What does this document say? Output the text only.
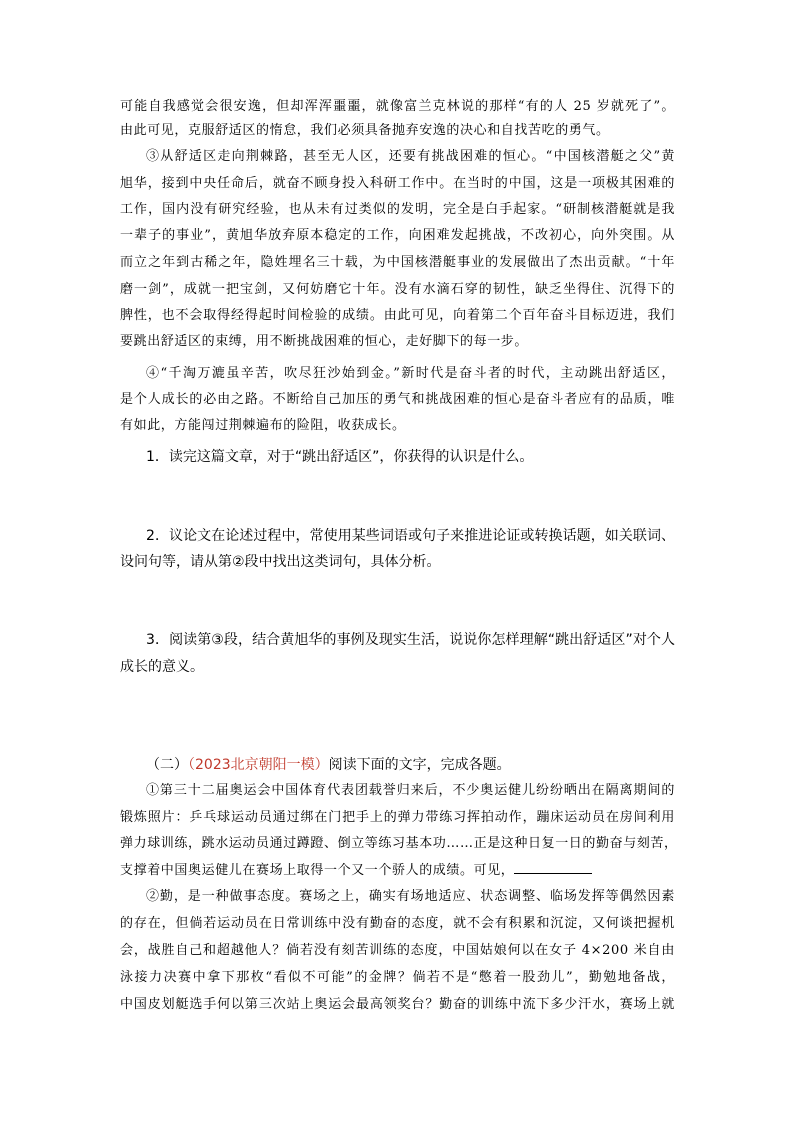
可能自我感觉会很安逸，但却浑浑噩噩，就像富兰克林说的那样“有的人 25 岁就死了”。
由此可见，克服舒适区的惰怠，我们必须具备抛弃安逸的决心和自找苦吃的勇气。
③从舒适区走向荆棘路，甚至无人区，还要有挑战困难的恒心。“中国核潜艇之父”黄
旭华，接到中央任命后，就奋不顾身投入科研工作中。在当时的中国，这是一项极其困难的
工作，国内没有研究经验，也从未有过类似的发明，完全是白手起家。“研制核潜艇就是我
一辈子的事业”，黄旭华放弃原本稳定的工作，向困难发起挑战，不改初心，向外突围。从
而立之年到古稀之年，隐姓埋名三十载，为中国核潜艇事业的发展做出了杰出贡献。“十年
磨一剑”，成就一把宝剑，又何妨磨它十年。没有水滴石穿的韧性，缺乏坐得住、沉得下的
脾性，也不会取得经得起时间检验的成绩。由此可见，向着第二个百年奋斗目标迈进，我们
要跳出舒适区的束缚，用不断挑战困难的恒心，走好脚下的每一步。
④“千淘万漉虽辛苦，吹尽狂沙始到金。”新时代是奋斗者的时代，主动跳出舒适区，
是个人成长的必由之路。不断给自己加压的勇气和挑战困难的恒心是奋斗者应有的品质，唯
有如此，方能闯过荆棘遍布的险阻，收获成长。
1．读完这篇文章，对于“跳出舒适区”，你获得的认识是什么。
2．议论文在论述过程中，常使用某些词语或句子来推进论证或转换话题，如关联词、
设问句等，请从第②段中找出这类词句，具体分析。
3．阅读第③段，结合黄旭华的事例及现实生活，说说你怎样理解“跳出舒适区”对个人
成长的意义。
（二）（2023北京朝阳一模）阅读下面的文字，完成各题。
①第三十二届奥运会中国体育代表团载誉归来后，不少奥运健儿纷纷晒出在隔离期间的
锻炼照片：乒乓球运动员通过绑在门把手上的弹力带练习挥拍动作，蹦床运动员在房间利用
弹力球训练，跳水运动员通过蹲蹬、倒立等练习基本功……正是这种日复一日的勤奋与刻苦，
支撑着中国奥运健儿在赛场上取得一个又一个骄人的成绩。可见，
②勤，是一种做事态度。赛场之上，确实有场地适应、状态调整、临场发挥等偶然因素
的存在，但倘若运动员在日常训练中没有勤奋的态度，就不会有积累和沉淀，又何谈把握机
会，战胜自己和超越他人？倘若没有刻苦训练的态度，中国姑娘何以在女子 4×200 米自由
泳接力决赛中拿下那枚“看似不可能”的金牌？倘若不是“憋着一股劲儿”，勤勉地备战，
中国皮划艇选手何以第三次站上奥运会最高领奖台？勤奋的训练中流下多少汗水，赛场上就
